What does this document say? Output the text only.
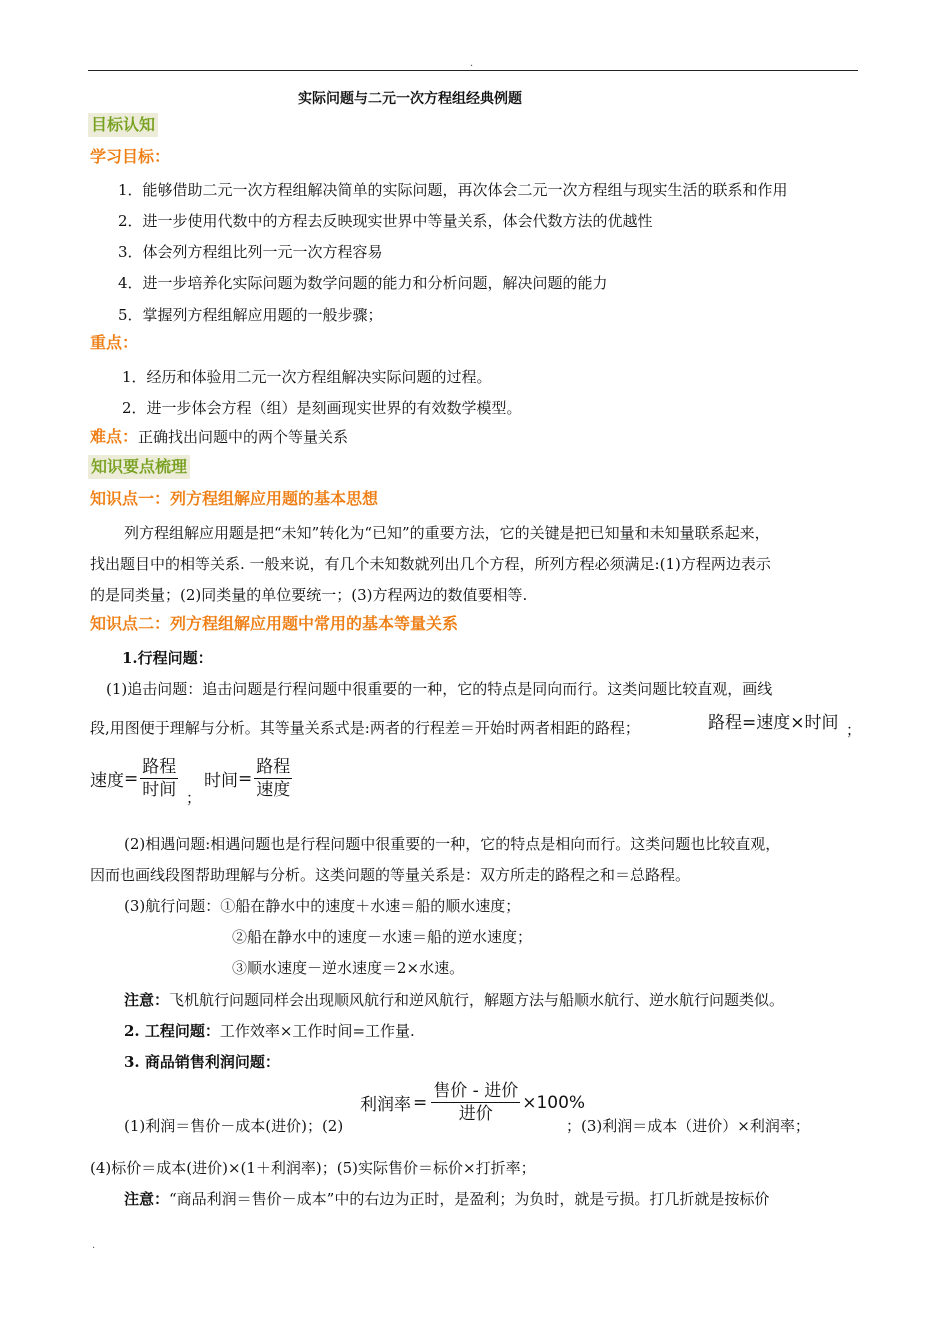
.
实际问题与二元一次方程组经典例题
目标认知
学习目标：
1．能够借助二元一次方程组解决简单的实际问题，再次体会二元一次方程组与现实生活的联系和作用
2．进一步使用代数中的方程去反映现实世界中等量关系，体会代数方法的优越性
3．体会列方程组比列一元一次方程容易
4．进一步培养化实际问题为数学问题的能力和分析问题，解决问题的能力
5．掌握列方程组解应用题的一般步骤；
重点：
1．经历和体验用二元一次方程组解决实际问题的过程。
2．进一步体会方程（组）是刻画现实世界的有效数学模型。
难点：正确找出问题中的两个等量关系
知识要点梳理
知识点一：列方程组解应用题的基本思想
列方程组解应用题是把“未知”转化为“已知”的重要方法，它的关键是把已知量和未知量联系起来，
找出题目中的相等关系. 一般来说，有几个未知数就列出几个方程，所列方程必须满足:(1)方程两边表示
的是同类量；(2)同类量的单位要统一；(3)方程两边的数值要相等.
知识点二：列方程组解应用题中常用的基本等量关系
1.行程问题：
(1)追击问题：追击问题是行程问题中很重要的一种，它的特点是同向而行。这类问题比较直观，画线
段,用图便于理解与分析。其等量关系式是:两者的行程差＝开始时两者相距的路程；	路程=速度×时间 ；
速度 = $\frac{\text{路程}}{\text{时间}}$ ；
时间 = $\frac{\text{路程}}{\text{速度}}$
(2)相遇问题:相遇问题也是行程问题中很重要的一种，它的特点是相向而行。这类问题也比较直观，
因而也画线段图帮助理解与分析。这类问题的等量关系是：双方所走的路程之和＝总路程。
(3)航行问题：①船在静水中的速度＋水速＝船的顺水速度；
②船在静水中的速度－水速＝船的逆水速度；
③顺水速度－逆水速度＝2×水速。
注意：飞机航行问题同样会出现顺风航行和逆风航行，解题方法与船顺水航行、逆水航行问题类似。
2. 工程问题：工作效率×工作时间=工作量.
3. 商品销售利润问题：
利润率 = $\frac{\text{售价 - 进价}}{\text{进价}} \times 100\%$
(1)利润＝售价－成本(进价)；(2)	；(3)利润＝成本（进价）×利润率；
(4)标价＝成本(进价)×(1＋利润率)；(5)实际售价＝标价×打折率；
注意：“商品利润＝售价－成本”中的右边为正时，是盈利；为负时，就是亏损。打几折就是按标价
.
